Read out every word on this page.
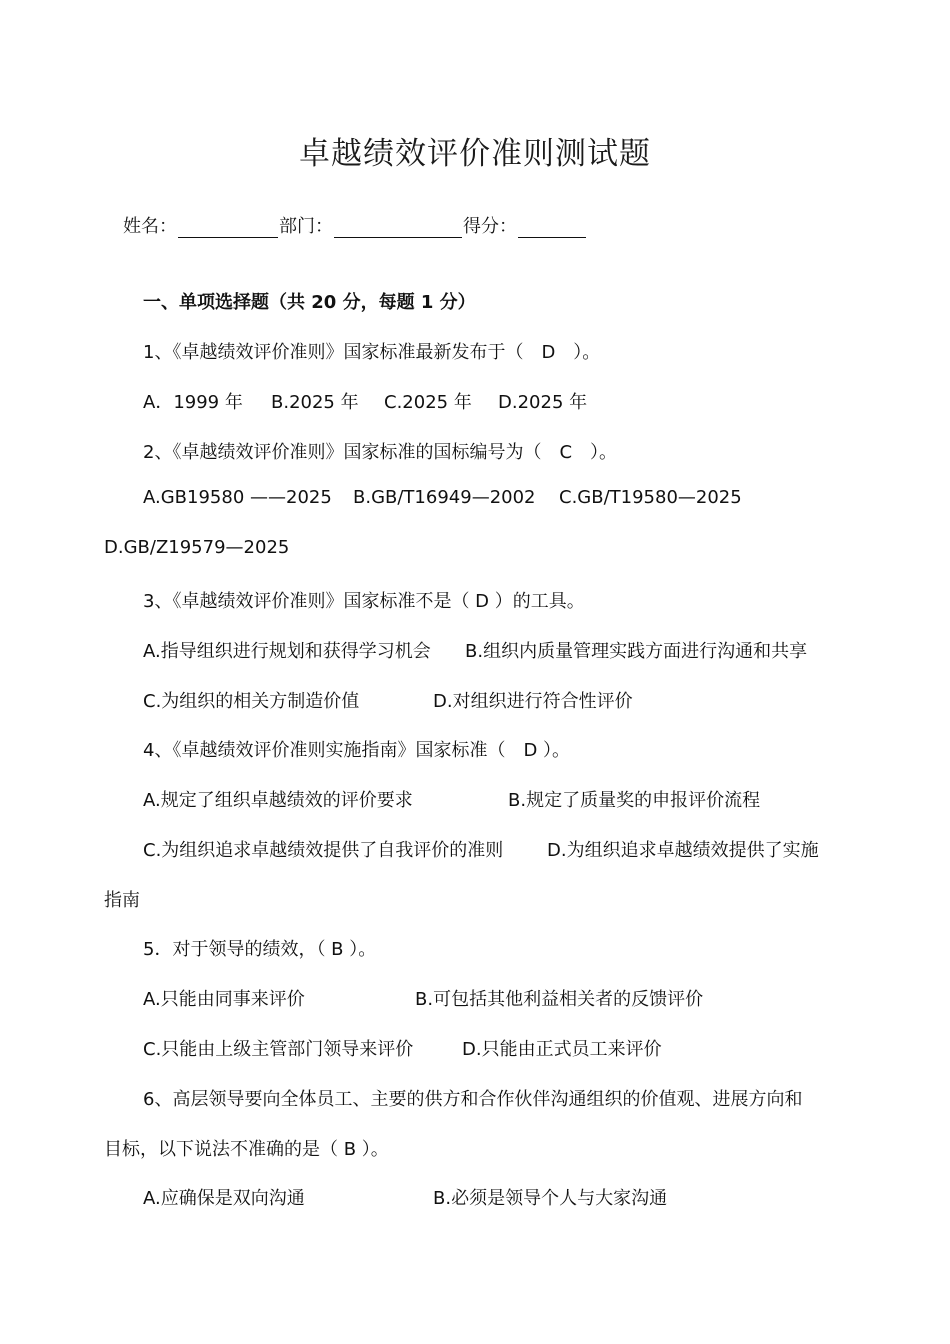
卓越绩效评价准则测试题
姓名：	部门：	得分：
一、单项选择题（共 20 分，每题 1 分）
1、《卓越绩效评价准则》国家标准最新发布于（　D　）。
A．1999 年 B.2025 年 C.2025 年 D.2025 年
2、《卓越绩效评价准则》国家标准的国标编号为（　C　）。
A.GB19580 ——2025 B.GB/T16949—2002 C.GB/T19580—2025
D.GB/Z19579—2025
3、《卓越绩效评价准则》国家标准不是（ D ）的工具。
A.指导组织进行规划和获得学习机会 B.组织内质量管理实践方面进行沟通和共享
C.为组织的相关方制造价值	D.对组织进行符合性评价
4、《卓越绩效评价准则实施指南》国家标准（　D ）。
A.规定了组织卓越绩效的评价要求	B.规定了质量奖的申报评价流程
C.为组织追求卓越绩效提供了自我评价的准则 D.为组织追求卓越绩效提供了实施
指南
5．对于领导的绩效，（ B ）。
A.只能由同事来评价	B.可包括其他利益相关者的反馈评价
C.只能由上级主管部门领导来评价	D.只能由正式员工来评价
6、高层领导要向全体员工、主要的供方和合作伙伴沟通组织的价值观、进展方向和
目标，以下说法不准确的是（ B ）。
A.应确保是双向沟通	B.必须是领导个人与大家沟通
